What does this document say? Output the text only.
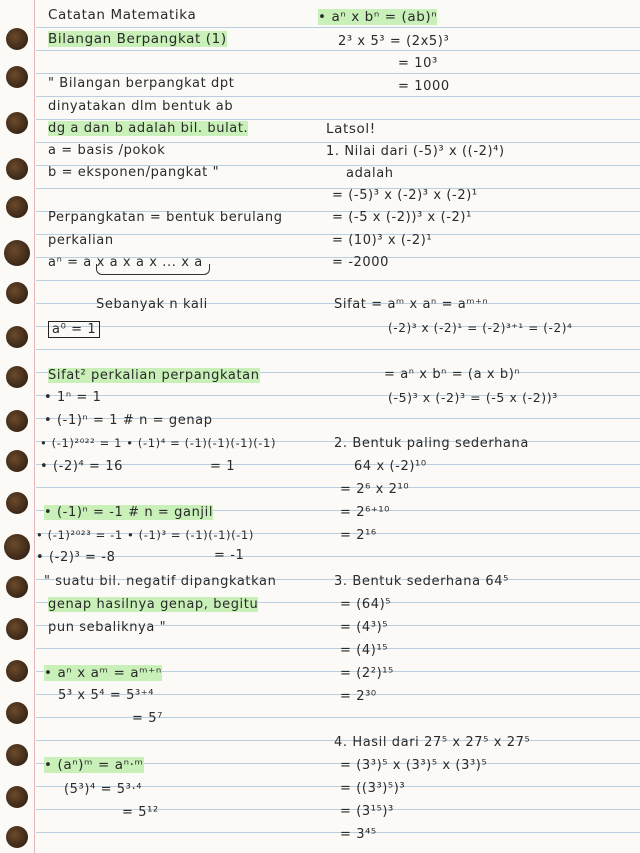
Catatan Matematika
Bilangan Berpangkat (1)
" Bilangan berpangkat dpt
dinyatakan dlm bentuk ab
dg a dan b adalah bil. bulat.
a = basis /pokok
b = eksponen/pangkat "
Perpangkatan = bentuk berulang
perkalian
aⁿ = a x a x a x ... x a
Sebanyak n kali
a⁰ = 1
Sifat² perkalian perpangkatan
• 1ⁿ = 1
• (-1)ⁿ = 1 # n = genap
• (-1)²⁰²² = 1 • (-1)⁴ = (-1)(-1)(-1)(-1)
• (-2)⁴ = 16	= 1
• (-1)ⁿ = -1 # n = ganjil
• (-1)²⁰²³ = -1 • (-1)³ = (-1)(-1)(-1)
• (-2)³ = -8	= -1
" suatu bil. negatif dipangkatkan
genap hasilnya genap, begitu
pun sebaliknya "
• aⁿ x aᵐ = aᵐ⁺ⁿ
5³ x 5⁴ = 5³⁺⁴
= 5⁷
• (aⁿ)ᵐ = aⁿ·ᵐ
(5³)⁴ = 5³·⁴
= 5¹²
• aⁿ x bⁿ = (ab)ⁿ
2³ x 5³ = (2x5)³
= 10³
= 1000
Latsol!
1. Nilai dari (-5)³ x ((-2)⁴)
adalah
= (-5)³ x (-2)³ x (-2)¹
= (-5 x (-2))³ x (-2)¹
= (10)³ x (-2)¹
= -2000
Sifat = aᵐ x aⁿ = aᵐ⁺ⁿ
(-2)³ x (-2)¹ = (-2)³⁺¹ = (-2)⁴
= aⁿ x bⁿ = (a x b)ⁿ
(-5)³ x (-2)³ = (-5 x (-2))³
2. Bentuk paling sederhana
64 x (-2)¹⁰
= 2⁶ x 2¹⁰
= 2⁶⁺¹⁰
= 2¹⁶
3. Bentuk sederhana 64⁵
= (64)⁵
= (4³)⁵
= (4)¹⁵
= (2²)¹⁵
= 2³⁰
4. Hasil dari 27⁵ x 27⁵ x 27⁵
= (3³)⁵ x (3³)⁵ x (3³)⁵
= ((3³)⁵)³
= (3¹⁵)³
= 3⁴⁵
